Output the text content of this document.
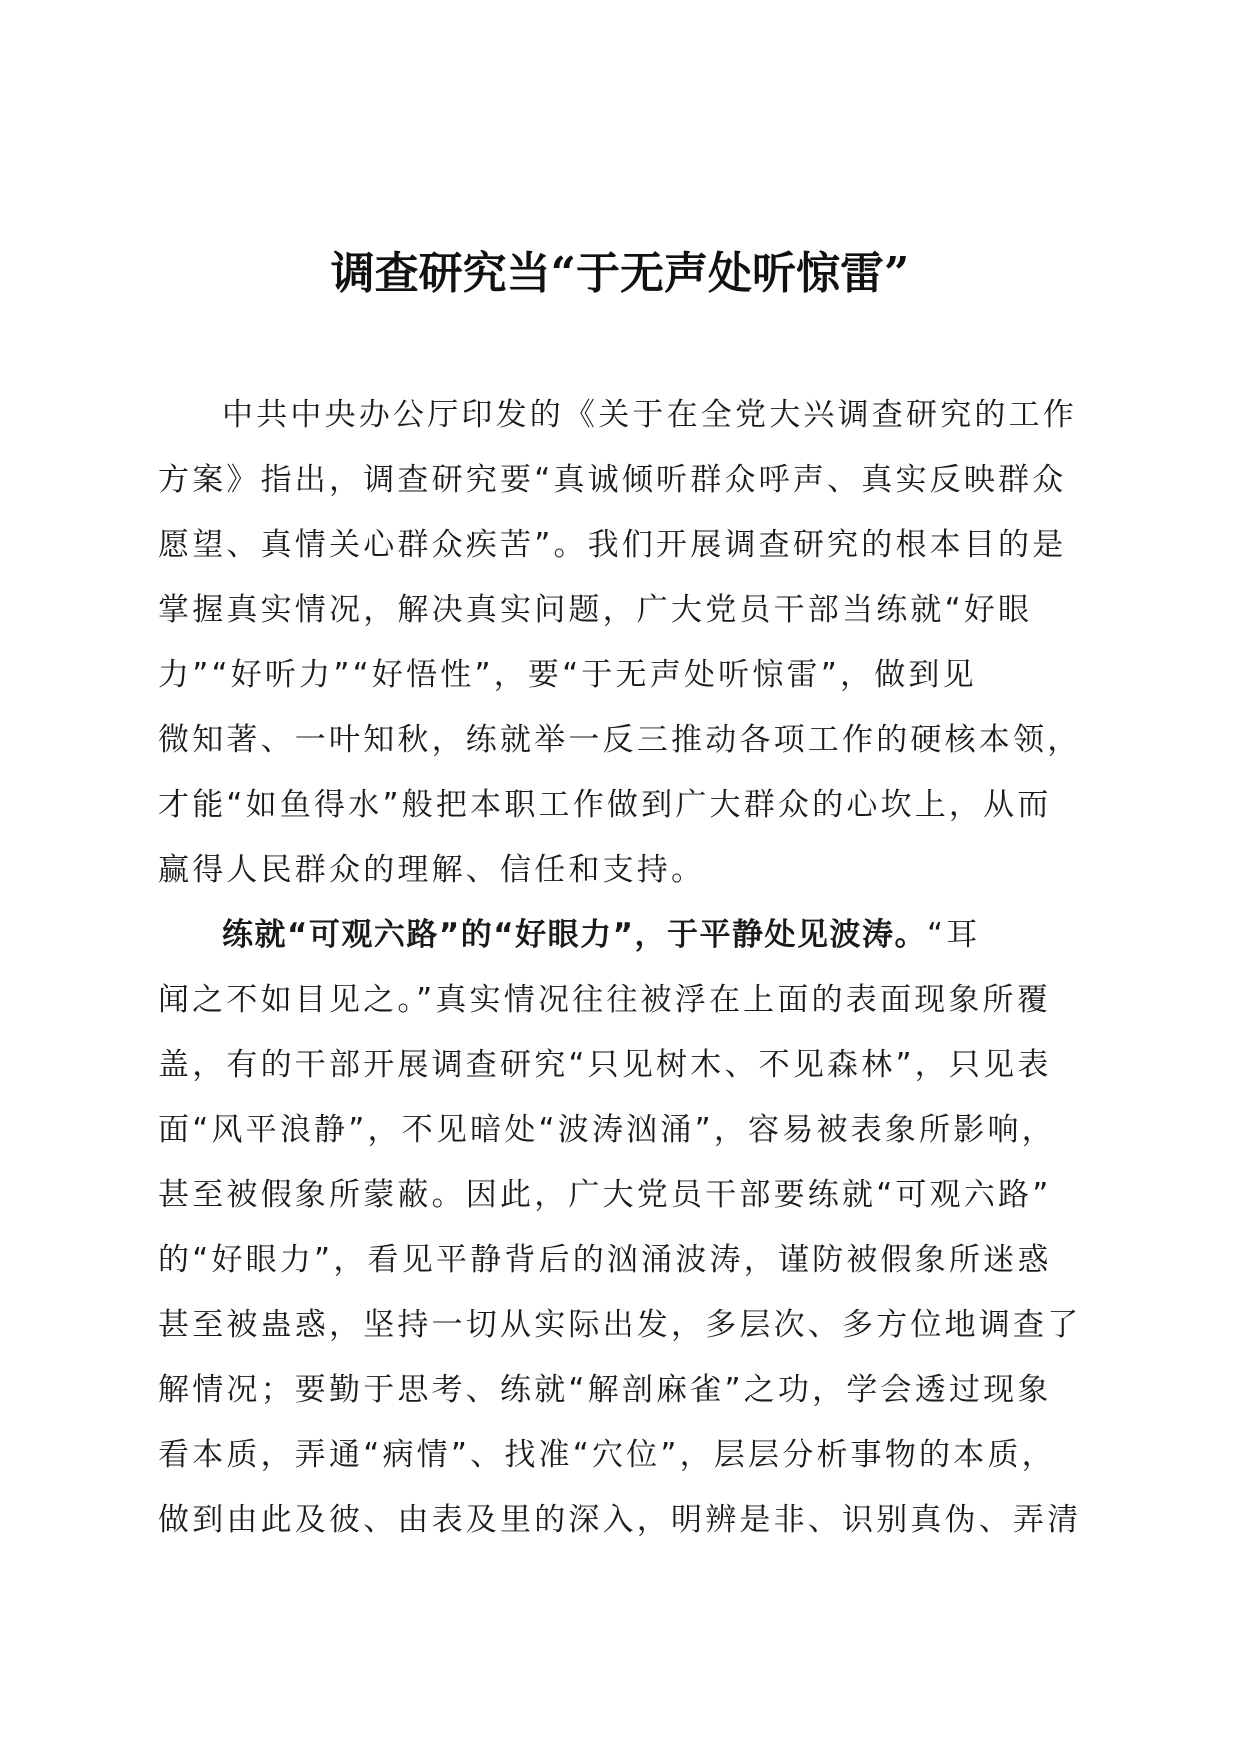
调查研究当“于无声处听惊雷”
中共中央办公厅印发的《关于在全党大兴调查研究的工作
方案》指出，调查研究要“真诚倾听群众呼声、真实反映群众
愿望、真情关心群众疾苦”。我们开展调查研究的根本目的是
掌握真实情况，解决真实问题，广大党员干部当练就“好眼
力”“好听力”“好悟性”，要“于无声处听惊雷”，做到见
微知著、一叶知秋，练就举一反三推动各项工作的硬核本领，
才能“如鱼得水”般把本职工作做到广大群众的心坎上，从而
赢得人民群众的理解、信任和支持。
练就“可观六路”的“好眼力”，于平静处见波涛。“耳
闻之不如目见之。”真实情况往往被浮在上面的表面现象所覆
盖，有的干部开展调查研究“只见树木、不见森林”，只见表
面“风平浪静”，不见暗处“波涛汹涌”，容易被表象所影响，
甚至被假象所蒙蔽。因此，广大党员干部要练就“可观六路”
的“好眼力”，看见平静背后的汹涌波涛，谨防被假象所迷惑
甚至被蛊惑，坚持一切从实际出发，多层次、多方位地调查了
解情况；要勤于思考、练就“解剖麻雀”之功，学会透过现象
看本质，弄通“病情”、找准“穴位”，层层分析事物的本质，
做到由此及彼、由表及里的深入，明辨是非、识别真伪、弄清
